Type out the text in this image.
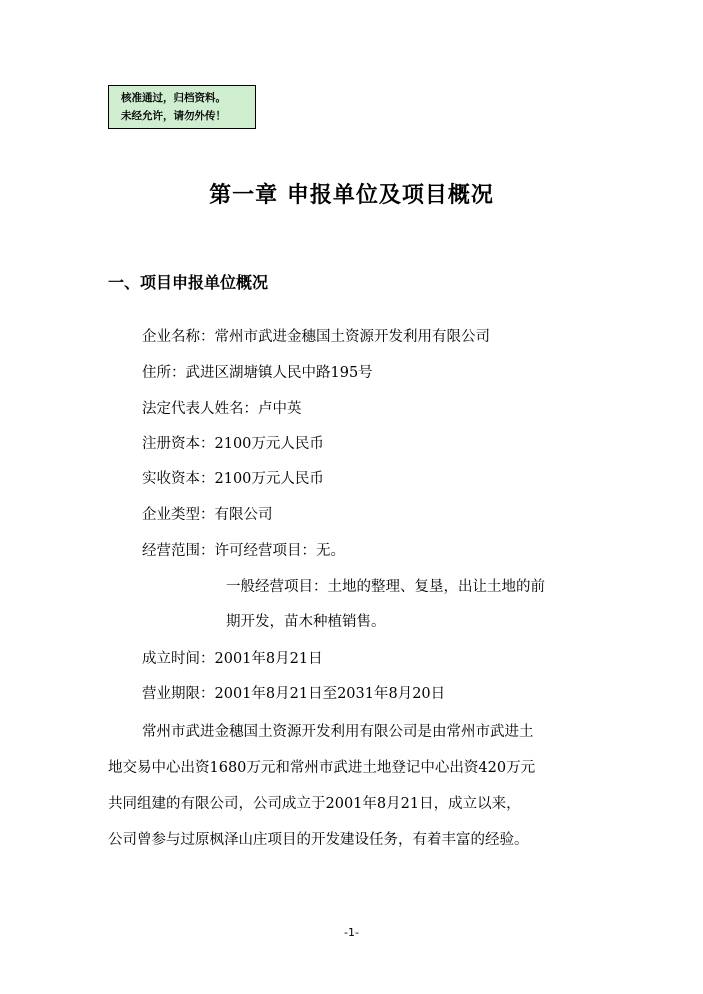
核准通过，归档资料。
未经允许，请勿外传！
第一章 申报单位及项目概况
一、项目申报单位概况
企业名称：常州市武进金穗国土资源开发利用有限公司
住所：武进区湖塘镇人民中路195号
法定代表人姓名：卢中英
注册资本：2100万元人民币
实收资本：2100万元人民币
企业类型：有限公司
经营范围：许可经营项目：无。
一般经营项目：土地的整理、复垦，出让土地的前
期开发，苗木种植销售。
成立时间：2001年8月21日
营业期限：2001年8月21日至2031年8月20日
常州市武进金穗国土资源开发利用有限公司是由常州市武进土
地交易中心出资1680万元和常州市武进土地登记中心出资420万元
共同组建的有限公司，公司成立于2001年8月21日，成立以来，
公司曾参与过原枫泽山庄项目的开发建设任务，有着丰富的经验。
-1-
